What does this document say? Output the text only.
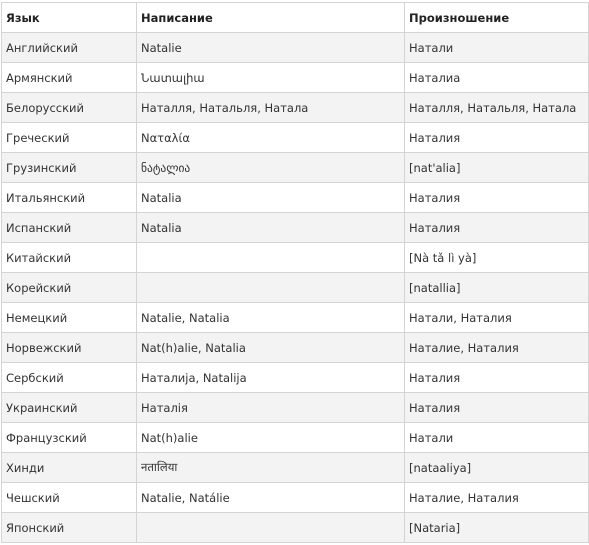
Язык	Написание	Произношение
Английский	Natalie	Натали
Армянский	Նատալիա	Наталиа
Белорусский	Наталля, Натальля, Натала	Наталля, Натальля, Натала
Греческий	Ναταλία	Наталия
Грузинский	ნატალია	[nat'alia]
Итальянский	Natalia	Наталия
Испанский	Natalia	Наталия
Китайский		[Nà tǎ lì yà]
Корейский		[natallia]
Немецкий	Natalie, Natalia	Натали, Наталия
Норвежский	Nat(h)alie, Natalia	Наталие, Наталия
Сербский	Наталија, Natalija	Наталия
Украинский	Наталія	Наталия
Французский	Nat(h)alie	Натали
Хинди	नतालिया	[nataaliya]
Чешский	Natalie, Natálie	Наталие, Наталия
Японский		[Nataria]
